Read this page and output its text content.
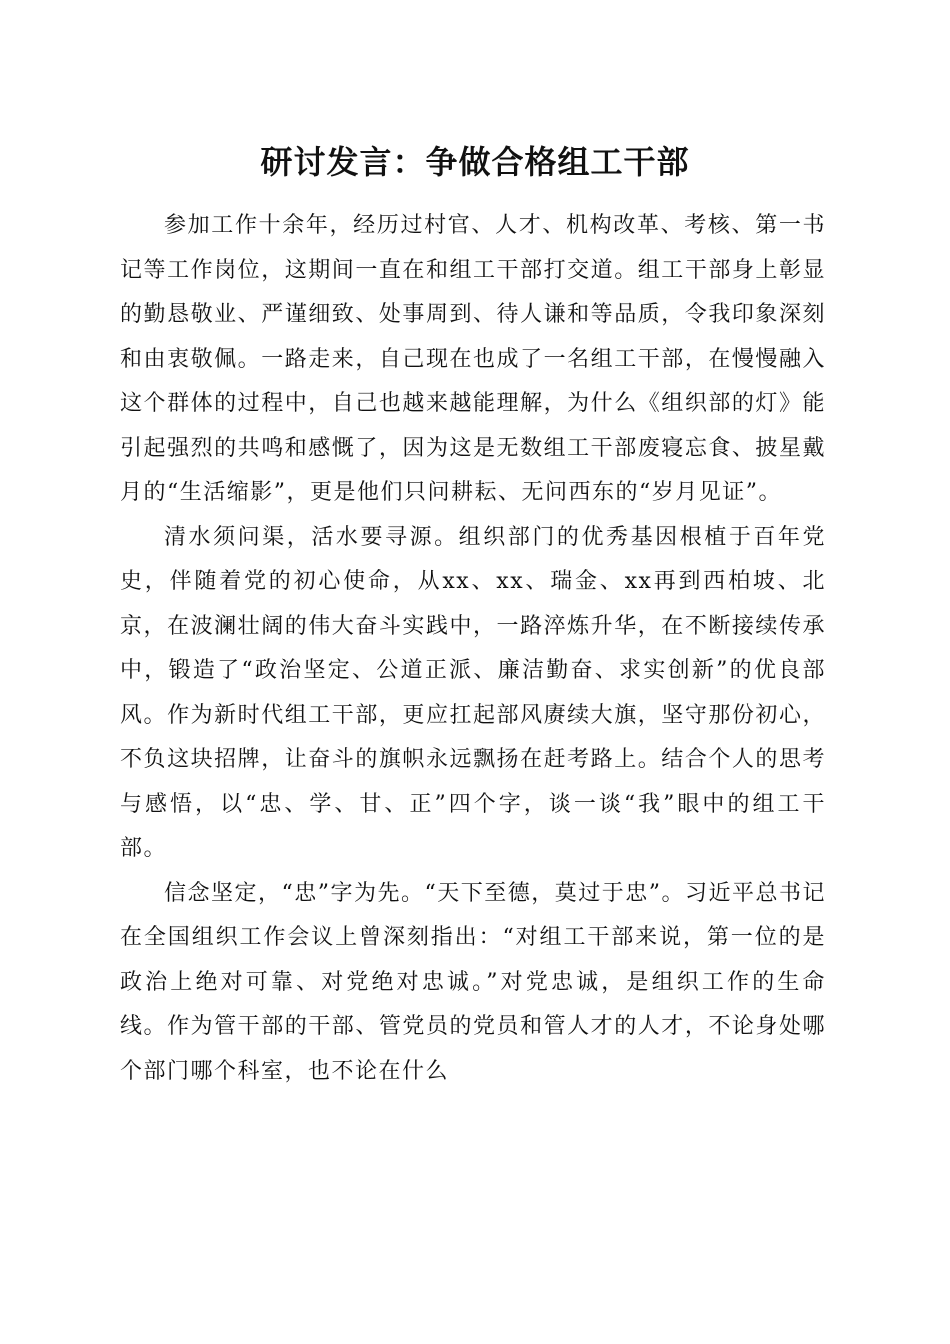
研讨发言：争做合格组工干部

参加工作十余年，经历过村官、人才、机构改革、考核、第一书记等工作岗位，这期间一直在和组工干部打交道。组工干部身上彰显的勤恳敬业、严谨细致、处事周到、待人谦和等品质，令我印象深刻和由衷敬佩。一路走来，自己现在也成了一名组工干部，在慢慢融入这个群体的过程中，自己也越来越能理解，为什么《组织部的灯》能引起强烈的共鸣和感慨了，因为这是无数组工干部废寝忘食、披星戴月的“生活缩影”，更是他们只问耕耘、无问西东的“岁月见证”。

清水须问渠，活水要寻源。组织部门的优秀基因根植于百年党史，伴随着党的初心使命，从xx、xx、瑞金、xx再到西柏坡、北京，在波澜壮阔的伟大奋斗实践中，一路淬炼升华，在不断接续传承中，锻造了“政治坚定、公道正派、廉洁勤奋、求实创新”的优良部风。作为新时代组工干部，更应扛起部风赓续大旗，坚守那份初心，不负这块招牌，让奋斗的旗帜永远飘扬在赶考路上。结合个人的思考与感悟，以“忠、学、甘、正”四个字，谈一谈“我”眼中的组工干部。

信念坚定，“忠”字为先。“天下至德，莫过于忠”。习近平总书记在全国组织工作会议上曾深刻指出：“对组工干部来说，第一位的是政治上绝对可靠、对党绝对忠诚。”对党忠诚，是组织工作的生命线。作为管干部的干部、管党员的党员和管人才的人才，不论身处哪个部门哪个科室，也不论在什么
